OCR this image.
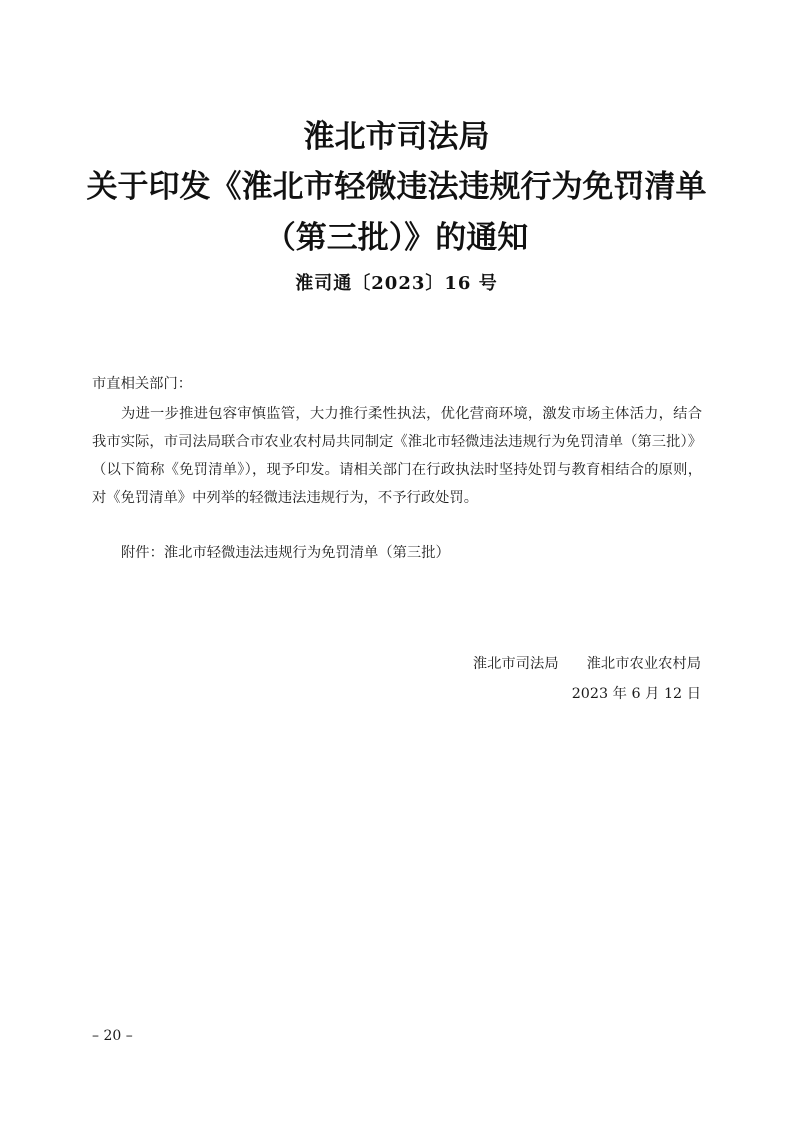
淮北市司法局
关于印发《淮北市轻微违法违规行为免罚清单
（第三批）》的通知
淮司通〔2023〕16 号
市直相关部门：
为进一步推进包容审慎监管，大力推行柔性执法，优化营商环境，激发市场主体活力，结合我市实际，市司法局联合市农业农村局共同制定《淮北市轻微违法违规行为免罚清单（第三批）》（以下简称《免罚清单》），现予印发。请相关部门在行政执法时坚持处罚与教育相结合的原则，对《免罚清单》中列举的轻微违法违规行为，不予行政处罚。
附件：淮北市轻微违法违规行为免罚清单（第三批）
淮北市司法局 淮北市农业农村局
2023 年 6 月 12 日
– 20 –
